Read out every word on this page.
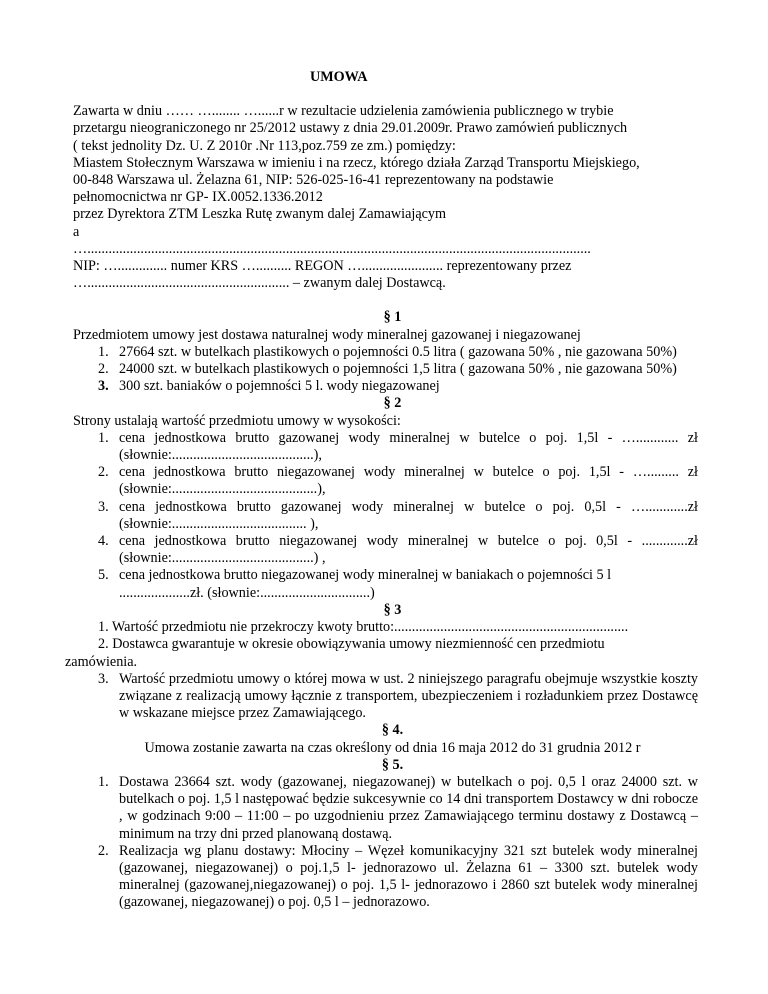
UMOWA
Zawarta w dniu …… …........ …......r w rezultacie udzielenia zamówienia publicznego w trybie
przetargu nieograniczonego nr 25/2012 ustawy z dnia 29.01.2009r. Prawo zamówień publicznych
( tekst jednolity Dz. U. Z 2010r .Nr 113,poz.759 ze zm.) pomiędzy:
Miastem Stołecznym Warszawa w imieniu i na rzecz, którego działa Zarząd Transportu Miejskiego,
00-848 Warszawa ul. Żelazna 61, NIP: 526-025-16-41 reprezentowany na podstawie
pełnomocnictwa nr GP- IX.0052.1336.2012
przez Dyrektora ZTM Leszka Rutę zwanym dalej Zamawiającym
a
…..............................................................................................................................................
NIP: ….............. numer KRS ….......... REGON …....................... reprezentowany przez
…......................................................... – zwanym dalej Dostawcą.
§ 1
Przedmiotem umowy jest dostawa naturalnej wody mineralnej gazowanej i niegazowanej
1. 27664 szt. w butelkach plastikowych o pojemności 0.5 litra ( gazowana 50% , nie gazowana 50%)
2. 24000 szt. w butelkach plastikowych o pojemności 1,5 litra ( gazowana 50% , nie gazowana 50%)
3. 300 szt. baniaków o pojemności 5 l. wody niegazowanej
§ 2
Strony ustalają wartość przedmiotu umowy w wysokości:
1. cena jednostkowa brutto gazowanej wody mineralnej w butelce o poj. 1,5l - …............ zł (słownie:........................................),
2. cena jednostkowa brutto niegazowanej wody mineralnej w butelce o poj. 1,5l - …......... zł (słownie:.........................................),
3. cena jednostkowa brutto gazowanej wody mineralnej w butelce o poj. 0,5l - …............zł (słownie:...................................... ),
4. cena jednostkowa brutto niegazowanej wody mineralnej w butelce o poj. 0,5l - .............zł (słownie:........................................) ,
5. cena jednostkowa brutto niegazowanej wody mineralnej w baniakach o pojemności 5 l ....................zł. (słownie:...............................)
§ 3
1. Wartość przedmiotu nie przekroczy kwoty brutto:..................................................................
2. Dostawca gwarantuje w okresie obowiązywania umowy niezmienność cen przedmiotu
zamówienia.
3. Wartość przedmiotu umowy o której mowa w ust. 2 niniejszego paragrafu obejmuje wszystkie koszty związane z realizacją umowy łącznie z transportem, ubezpieczeniem i rozładunkiem przez Dostawcę w wskazane miejsce przez Zamawiającego.
§ 4.
Umowa zostanie zawarta na czas określony od dnia 16 maja 2012 do 31 grudnia 2012 r
§ 5.
1. Dostawa 23664 szt. wody (gazowanej, niegazowanej) w butelkach o poj. 0,5 l oraz 24000 szt. w butelkach o poj. 1,5 l następować będzie sukcesywnie co 14 dni transportem Dostawcy w dni robocze , w godzinach 9:00 – 11:00 – po uzgodnieniu przez Zamawiającego terminu dostawy z Dostawcą – minimum na trzy dni przed planowaną dostawą.
2. Realizacja wg planu dostawy: Młociny – Węzeł komunikacyjny 321 szt butelek wody mineralnej (gazowanej, niegazowanej) o poj.1,5 l- jednorazowo ul. Żelazna 61 – 3300 szt. butelek wody mineralnej (gazowanej,niegazowanej) o poj. 1,5 l- jednorazowo i 2860 szt butelek wody mineralnej (gazowanej, niegazowanej) o poj. 0,5 l – jednorazowo.
